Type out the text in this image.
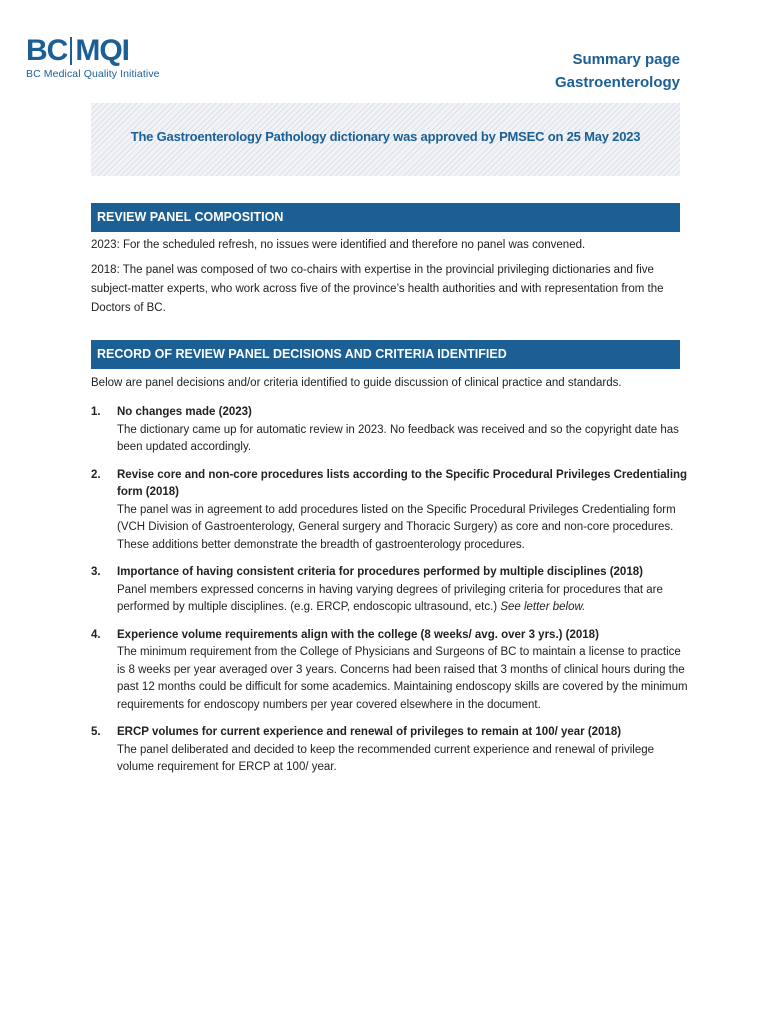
BC MQI
BC Medical Quality Initiative
Summary page
Gastroenterology
The Gastroenterology Pathology dictionary was approved by PMSEC on 25 May 2023
REVIEW PANEL COMPOSITION
2023: For the scheduled refresh, no issues were identified and therefore no panel was convened.
2018: The panel was composed of two co-chairs with expertise in the provincial privileging dictionaries and five subject-matter experts, who work across five of the province’s health authorities and with representation from the Doctors of BC.
RECORD OF REVIEW PANEL DECISIONS AND CRITERIA IDENTIFIED
Below are panel decisions and/or criteria identified to guide discussion of clinical practice and standards.
1. No changes made (2023)
The dictionary came up for automatic review in 2023. No feedback was received and so the copyright date has been updated accordingly.
2. Revise core and non-core procedures lists according to the Specific Procedural Privileges Credentialing form (2018)
The panel was in agreement to add procedures listed on the Specific Procedural Privileges Credentialing form (VCH Division of Gastroenterology, General surgery and Thoracic Surgery) as core and non-core procedures. These additions better demonstrate the breadth of gastroenterology procedures.
3. Importance of having consistent criteria for procedures performed by multiple disciplines (2018)
Panel members expressed concerns in having varying degrees of privileging criteria for procedures that are performed by multiple disciplines. (e.g. ERCP, endoscopic ultrasound, etc.) See letter below.
4. Experience volume requirements align with the college (8 weeks/ avg. over 3 yrs.) (2018)
The minimum requirement from the College of Physicians and Surgeons of BC to maintain a license to practice is 8 weeks per year averaged over 3 years. Concerns had been raised that 3 months of clinical hours during the past 12 months could be difficult for some academics. Maintaining endoscopy skills are covered by the minimum requirements for endoscopy numbers per year covered elsewhere in the document.
5. ERCP volumes for current experience and renewal of privileges to remain at 100/ year (2018)
The panel deliberated and decided to keep the recommended current experience and renewal of privilege volume requirement for ERCP at 100/ year.
